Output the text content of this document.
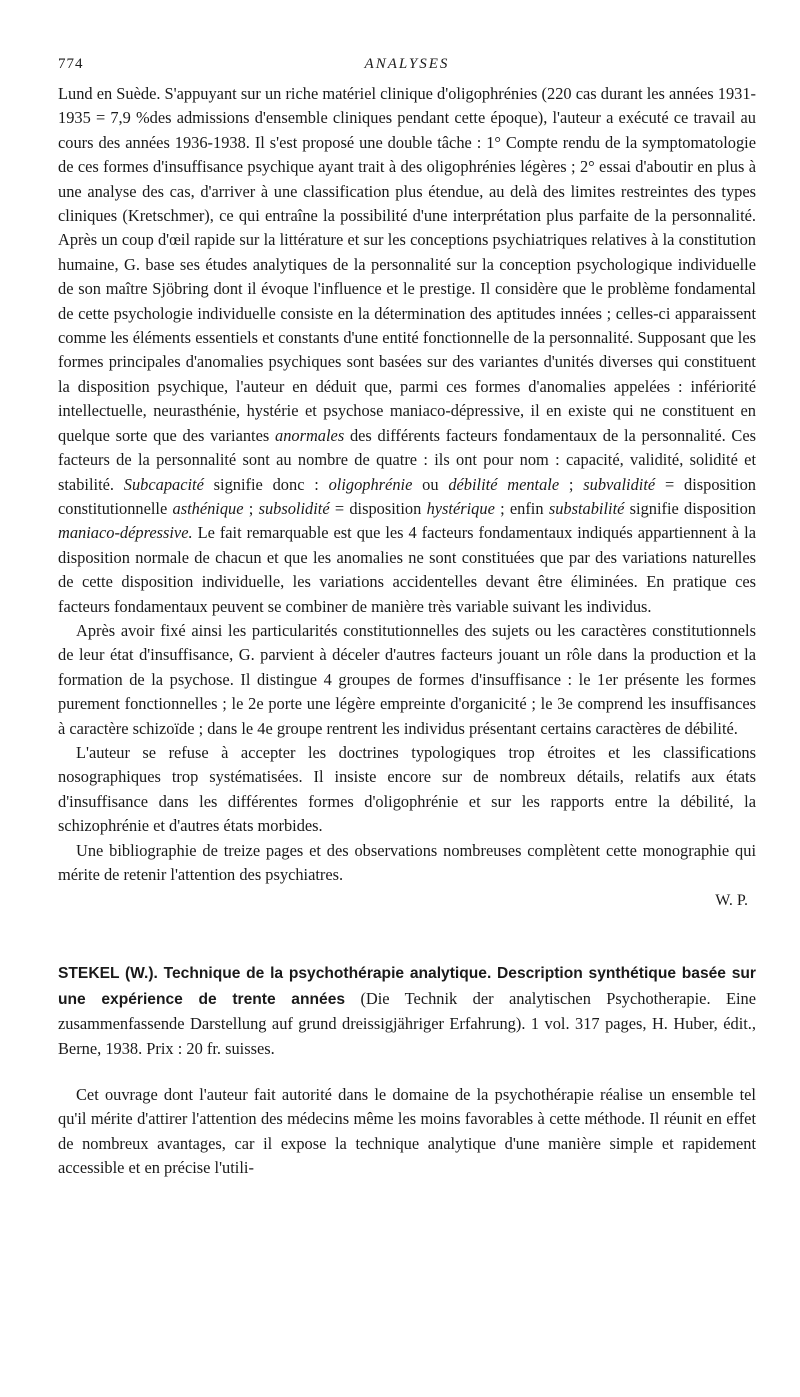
774	ANALYSES

Lund en Suède. S'appuyant sur un riche matériel clinique d'oligophrénies (220 cas durant les années 1931-1935 = 7,9 %des admissions d'ensemble cliniques pendant cette époque), l'auteur a exécuté ce travail au cours des années 1936-1938. Il s'est proposé une double tâche : 1° Compte rendu de la symptomatologie de ces formes d'insuffisance psychique ayant trait à des oligophrénies légères ; 2° essai d'aboutir en plus à une analyse des cas, d'arriver à une classification plus étendue, au delà des limites restreintes des types cliniques (Kretschmer), ce qui entraîne la possibilité d'une interprétation plus parfaite de la personnalité. Après un coup d'œil rapide sur la littérature et sur les conceptions psychiatriques relatives à la constitution humaine, G. base ses études analytiques de la personnalité sur la conception psychologique individuelle de son maître Sjöbring dont il évoque l'influence et le prestige. Il considère que le problème fondamental de cette psychologie individuelle consiste en la détermination des aptitudes innées ; celles-ci apparaissent comme les éléments essentiels et constants d'une entité fonctionnelle de la personnalité. Supposant que les formes principales d'anomalies psychiques sont basées sur des variantes d'unités diverses qui constituent la disposition psychique, l'auteur en déduit que, parmi ces formes d'anomalies appelées : infériorité intellectuelle, neurasthénie, hystérie et psychose maniaco-dépressive, il en existe qui ne constituent en quelque sorte que des variantes anormales des différents facteurs fondamentaux de la personnalité. Ces facteurs de la personnalité sont au nombre de quatre : ils ont pour nom : capacité, validité, solidité et stabilité. Subcapacité signifie donc : oligophrénie ou débilité mentale ; subvalidité = disposition constitutionnelle asthénique ; subsolidité = disposition hystérique ; enfin substabilité signifie disposition maniaco-dépressive. Le fait remarquable est que les 4 facteurs fondamentaux indiqués appartiennent à la disposition normale de chacun et que les anomalies ne sont constituées que par des variations naturelles de cette disposition individuelle, les variations accidentelles devant être éliminées. En pratique ces facteurs fondamentaux peuvent se combiner de manière très variable suivant les individus.

Après avoir fixé ainsi les particularités constitutionnelles des sujets ou les caractères constitutionnels de leur état d'insuffisance, G. parvient à déceler d'autres facteurs jouant un rôle dans la production et la formation de la psychose. Il distingue 4 groupes de formes d'insuffisance : le 1er présente les formes purement fonctionnelles ; le 2e porte une légère empreinte d'organicité ; le 3e comprend les insuffisances à caractère schizoïde ; dans le 4e groupe rentrent les individus présentant certains caractères de débilité.

L'auteur se refuse à accepter les doctrines typologiques trop étroites et les classifications nosographiques trop systématisées. Il insiste encore sur de nombreux détails, relatifs aux états d'insuffisance dans les différentes formes d'oligophrénie et sur les rapports entre la débilité, la schizophrénie et d'autres états morbides.

Une bibliographie de treize pages et des observations nombreuses complètent cette monographie qui mérite de retenir l'attention des psychiatres.

W. P.

STEKEL (W.). Technique de la psychothérapie analytique. Description synthétique basée sur une expérience de trente années (Die Technik der analytischen Psychotherapie. Eine zusammenfassende Darstellung auf grund dreissigjähriger Erfahrung). 1 vol. 317 pages, H. Huber, édit., Berne, 1938. Prix : 20 fr. suisses.

Cet ouvrage dont l'auteur fait autorité dans le domaine de la psychothérapie réalise un ensemble tel qu'il mérite d'attirer l'attention des médecins même les moins favorables à cette méthode. Il réunit en effet de nombreux avantages, car il expose la technique analytique d'une manière simple et rapidement accessible et en précise l'utili-
